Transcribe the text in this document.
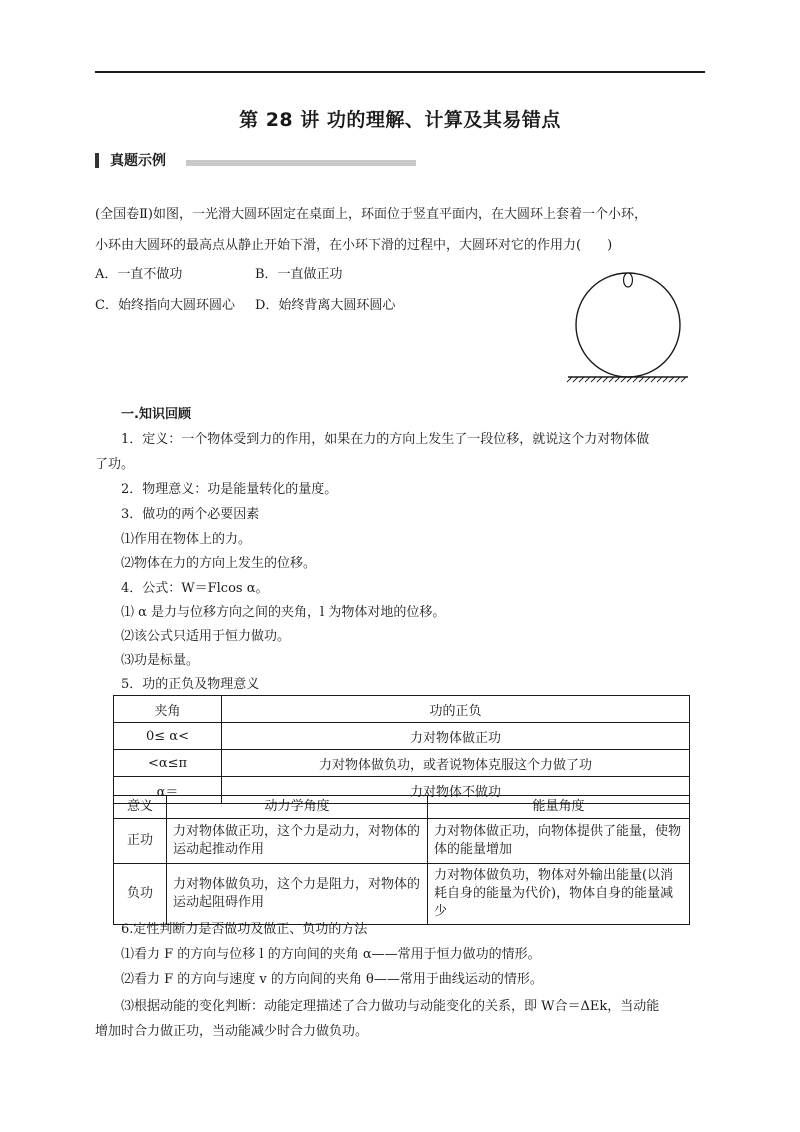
第 28 讲 功的理解、计算及其易错点
真题示例
(全国卷Ⅱ)如图，一光滑大圆环固定在桌面上，环面位于竖直平面内，在大圆环上套着一个小环，
小环由大圆环的最高点从静止开始下滑，在小环下滑的过程中，大圆环对它的作用力(　　)
A．一直不做功	B．一直做正功
C．始终指向大圆环圆心 D．始终背离大圆环圆心
一.知识回顾
1．定义：一个物体受到力的作用，如果在力的方向上发生了一段位移，就说这个力对物体做
了功。
2．物理意义：功是能量转化的量度。
3．做功的两个必要因素
⑴作用在物体上的力。
⑵物体在力的方向上发生的位移。
4．公式：W＝Flcos α。
⑴ α 是力与位移方向之间的夹角，l 为物体对地的位移。
⑵该公式只适用于恒力做功。
⑶功是标量。
5．功的正负及物理意义
夹角	功的正负
0≤ α<	力对物体做正功
<α≤π	力对物体做负功，或者说物体克服这个力做了功
α＝	力对物体不做功
意义	动力学角度	能量角度
正功	力对物体做正功，这个力是动力，对物体的运动起推动作用	力对物体做正功，向物体提供了能量，使物体的能量增加
负功	力对物体做负功，这个力是阻力，对物体的运动起阻碍作用	力对物体做负功，物体对外输出能量(以消耗自身的能量为代价)，物体自身的能量减少
6.定性判断力是否做功及做正、负功的方法
⑴看力 F 的方向与位移 l 的方向间的夹角 α——常用于恒力做功的情形。
⑵看力 F 的方向与速度 v 的方向间的夹角 θ——常用于曲线运动的情形。
⑶根据动能的变化判断：动能定理描述了合力做功与动能变化的关系，即 W合＝ΔEk，当动能
增加时合力做正功，当动能减少时合力做负功。
